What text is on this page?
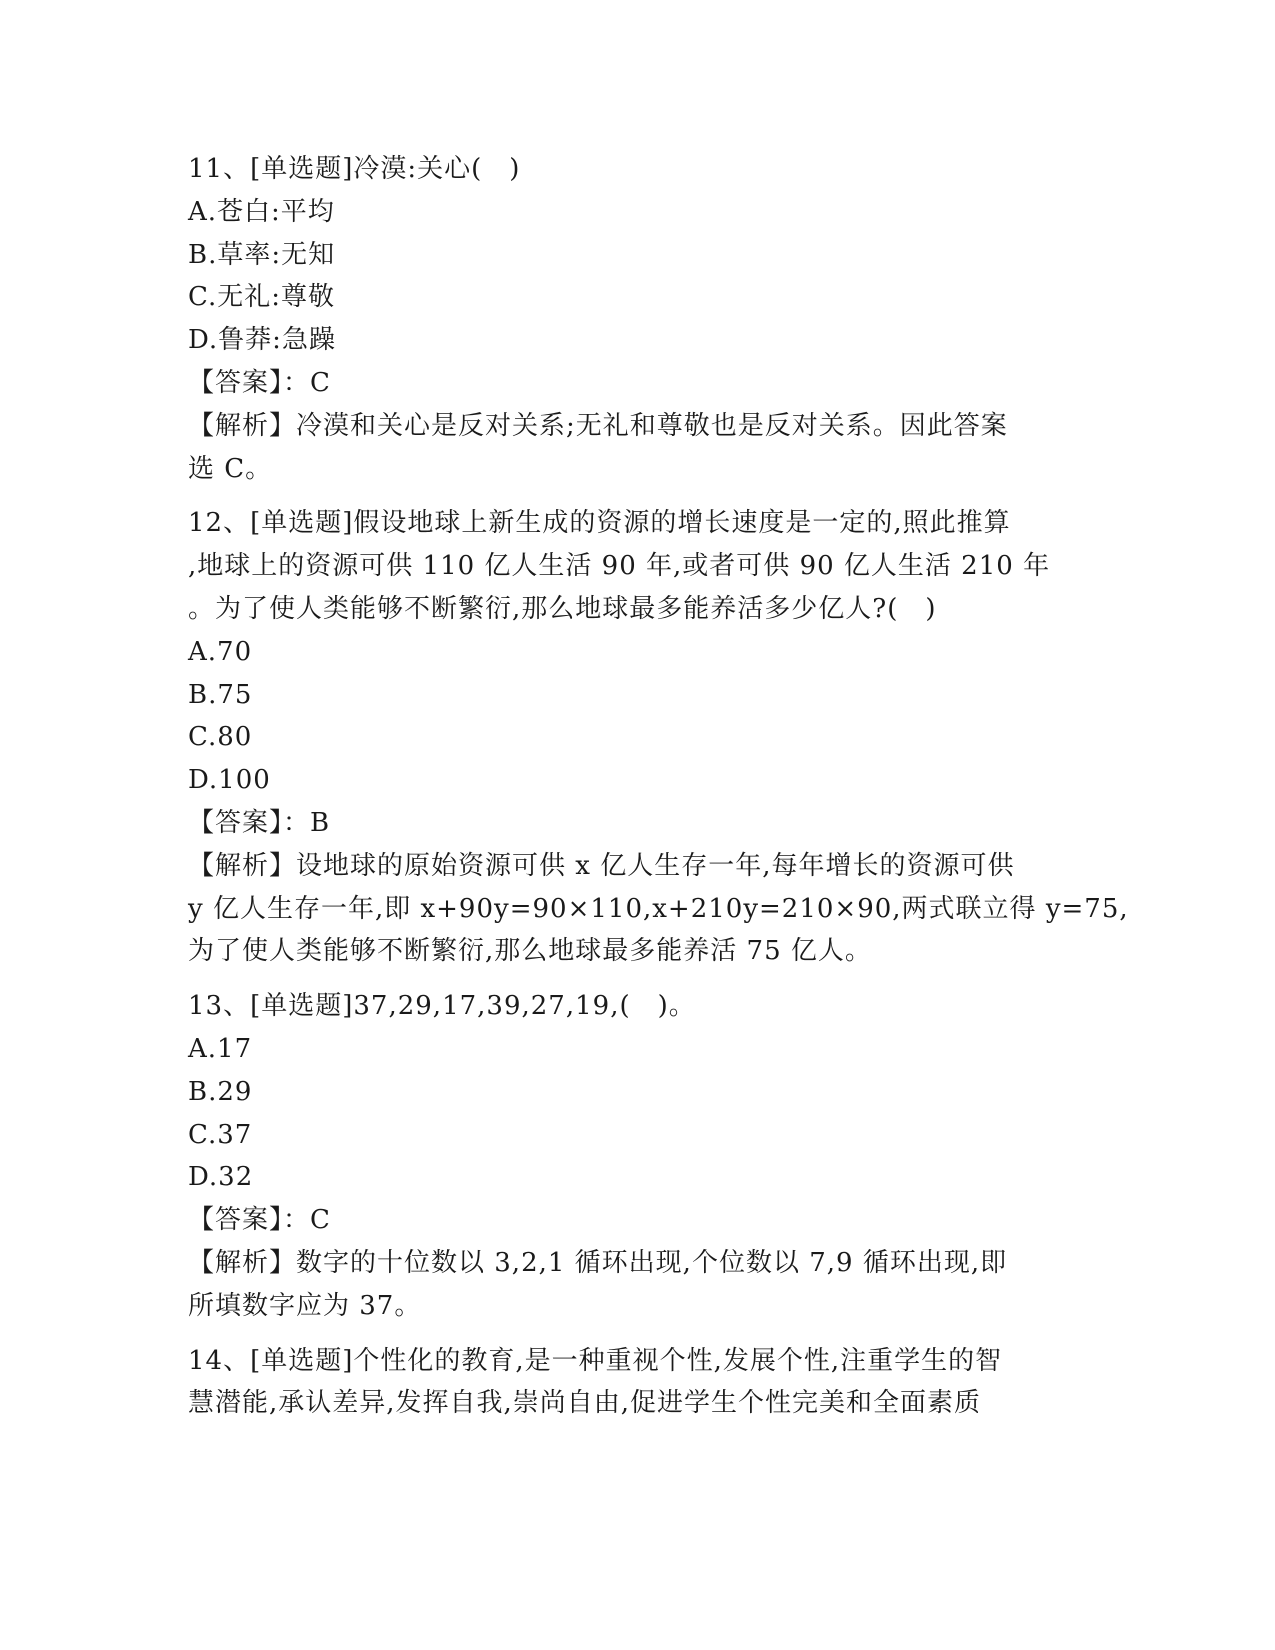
11、[单选题]冷漠:关心(　)
A.苍白:平均
B.草率:无知
C.无礼:尊敬
D.鲁莽:急躁
【答案】：C
【解析】冷漠和关心是反对关系;无礼和尊敬也是反对关系。因此答案
选 C。
12、[单选题]假设地球上新生成的资源的增长速度是一定的,照此推算
,地球上的资源可供 110 亿人生活 90 年,或者可供 90 亿人生活 210 年
。为了使人类能够不断繁衍,那么地球最多能养活多少亿人?(　)
A.70
B.75
C.80
D.100
【答案】：B
【解析】设地球的原始资源可供 x 亿人生存一年,每年增长的资源可供
y 亿人生存一年,即 x+90y=90×110,x+210y=210×90,两式联立得 y=75,
为了使人类能够不断繁衍,那么地球最多能养活 75 亿人。
13、[单选题]37,29,17,39,27,19,(　)。
A.17
B.29
C.37
D.32
【答案】：C
【解析】数字的十位数以 3,2,1 循环出现,个位数以 7,9 循环出现,即
所填数字应为 37。
14、[单选题]个性化的教育,是一种重视个性,发展个性,注重学生的智
慧潜能,承认差异,发挥自我,崇尚自由,促进学生个性完美和全面素质
